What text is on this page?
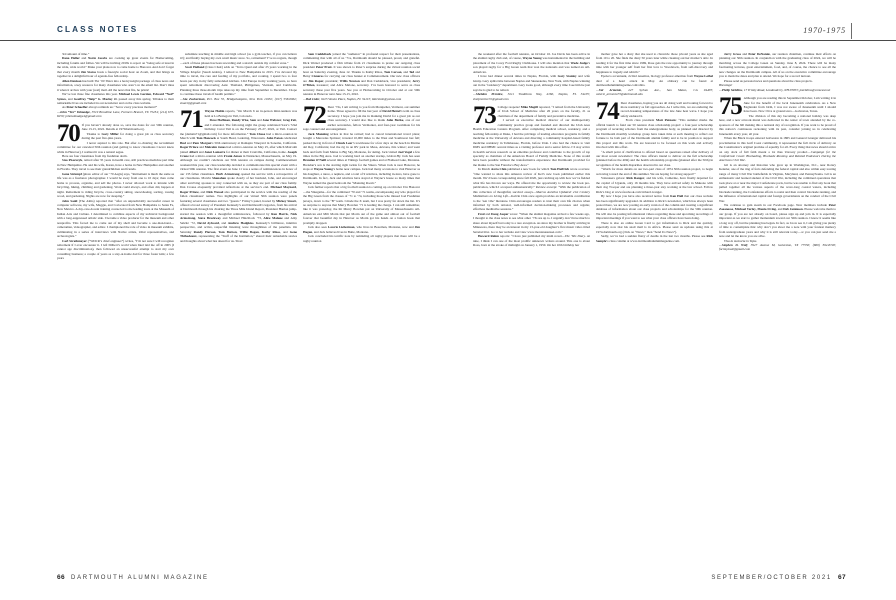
CLASS NOTES	1970-1975

3rd amount of time.”

Dana Heller and Norm Jacobs are cooking up great events for Homecoming, including forums and follies. We will be inviting 2018s to report on “being safe at least in the wide, wide world.” Make your plans now to come home to Hanover. And don’t forget that every month Jim Staros hosts a freestyle social hour on Zoom, and that brings us together in a delightful hour of agenda-free fellowship.

Allen Denison has built The ’69 Times into a heavyweight package of class news and information, a key resource for many classmates who aren’t on the email list. Don’t miss it when it arrives with your (real) mail. All the news that fits, he prints!

We’ve lost three fine classmates this year. Michael Lewis Gordon, Edward “Ned” Symes, and Geoffrey “Skip” G. Maclay Jr. passed away this spring. Tributes to their remarkable lives are included in our newsletter and on the class website.

As Peter Schaeffer always reminds us: “Savor every precious moment!”

—John “Tex” Talmadge, 3519 Brookline Lane, Farmers Branch, TX 75234; (214) 673-8250; johntalmadge4@gmail.com

70 If you haven’t already done so, save the dates for our 50th reunion, June 13-15, 2022. Details at 1970dartmouth.org.

Thanks to Gary Miller for doing a great job as class secretary during the past five-plus years.

I never aspired to this role. But after co-chairing the recruitment committee for our canceled 50th reunion (and getting to know classmates I never knew while in Hanover), I realized it was a natural segue.

Here are four classmates from my freshman dorm.

Stas Pisarczyk, retired after 35 years in health care, still practices medicine part time in New Hampshire. He and his wife, Karen, have a home in New Hampshire and another in Florida. They travel to see their grandchildren and friends.

Gene Strumpf (photo editor of our ’70 Aegis) says, “Retirement is much the same as life was as a freelance photographer. I would be away from one to 10 days; then come home to process, organize, and sell the photos. I never allowed work to intrude with bicycling, hiking, climbing and gardening. Work could always, and often did, happen at night. Retirement is riding bicycle, cross-country skiing, snowshoeing, sorting, tossing wood, and gardening. Nights are now for sleeping.”

John Sadd (The Alma) reported that “after an unpredictably successful career in computer software, my wife, Maggie, and I relocated from New Hampshire to Santa Fe, New Mexico. A day-care-docent training course led to me leading tours at the Museum of Indian Arts and Culture. I determined to combine aspects of my technical background with a long-suppressed artistic side. I became a video producer for the museum and other nonprofits. This forced me to come out of my shell and become a one-man-band—cameraman, videographer, and editor. I championed the role of video in museum exhibits, culminating in a series of interviews with Native artists, tribal representatives, and archeologists.”

Carl Strathmeyer (“WDCR’s chief engineer”) writes, “I’m not sure I will recognize retirement if I ever encounter it. I left Dilbert’s world when Intel laid me off in 2005 (I cannot age discrimination), then followed an unsuccessful attempt to start my own consulting business; a couple of years as a stay-at-home dad for three foster kids; a few years

substitute teaching in middle and high school (as a gym teacher, if you can believe it!); and finally buying my own retail music store. So, retirement? I’ve no regrets, though—each of these phases has been rewarding and a stretch outside my comfort zone.”

Scott Holland (Class Chair) adds on “Terra Quad and after 25 years working in the Village Klopfer (Saudi Arabia), I retired to New Hampshire in 2015. I’ve devoted my time to travel, the care and feeding of my portfolio, and cooking. I spend two to four hours per day in my fully remodeled kitchen. I did Europe in my working years, so have spent retirement discovering Asia: Thailand, Philippines, Vietnam, and Cambodia. Planning three three-month trips takes up my time from September to December. I hope to continue these travels if health permits.”

—Stu Zuckerman, P.O. Box 55, Bridgehampton, New York 11932; (917) 558-0062; stuartzj@gmail.com

71 Wayne Holtin reports, “On March 6 an in-person mini-reunion was held at La Bottega in Vail, Colorado.

Dave Hoffman, Randy Wise, Sam and Jane Webster, Greg Feit, and I attended. The following night the group celebrated Sara’s 72nd birthday. Carol Vail is on the February 25-27, 2022, at Vail. Contact me (demain71@gmail.com) for more information.” Tom Chase had a micro-reunion in March with Tom Hancock at South Head, Ladering, Wisconsin. John Eaton celebrated Bud and Pam Morgan’s 50th anniversary at Ramapin Vineyard in Sonoma, California. Roger Prince and Malcolm Jones had a micro-reunion on May 25, after which Malcolm joined Albert and Janet Lamarre for dinner at their Cranville, California, home. Joseph Crane had a micro-reunion with Frank Anton in Nantucket, Massachusetts, on May 19. Although we couldn’t celebrate our 50th reunion on campus during Commencement weekend this year, our class leadership decided to commemorate this special event with a virtual 50th reunion. The first event on June 11 was a series of reminiscences in honor of our 135 fallen classmates. Herb Armstrong opened the service with a retrospective of our classmates. Marvin Shanahan spoke clearly of her husband, John, and encouraged other surviving spouses to stay connected with us, as they are part of our class family. Dan Crouse eloquently provided reflections at the service’s end. Michael Maynard, Roger Prince, and Dick Wessel also participated in the service with the reading of the fallen classmates’ names. Two highlights of our virtual 50th reunion were panels featuring several classmates and two “guests.” Friday’s panel, hosted by Mickey Stuart, offered a broad survey of President Kennedy’s and Dartmouth’s legacies, from his arrival at Dartmouth through his chairing the Three Mile Island Report, President Hanlon jump-started the session with a thoughtful reminiscence, followed by Ron Harris, Nick Armstrong, Steve Brockway and Michael Hinchlock ’73, Alice Malone and Amy Salzitz ’72, David Aylward, and Andrew Hodgkiss. Kennedy’s brilliance, intuitive perspective, and active, respectful listening were throughlines of the panelists. On Saturday Randy Pierson, Tom Burton, Willie Bogan, Kathy Rizos, and Gene Thibodeaux, representing the “Stuff of the Institution,” shared their remarkable stories and thoughts about what lies ahead for us. Short

Sam Cuddeback joined the “audience” in profound respect for their presentations, commenting that with all of us ’71s, Dartmouth should be pleased, proud, and grateful. Dick Wetzel produced a film tribute from 21 classmates to praise our outgoing class president Peter Pratt. It was shown to Peter’s surprise during the virtual reunion social hour on Saturday evening, June 12. Thanks to Kathy Rizos, Tom Corson, and Ted and Betsy Cisneros for carrying our class banner at Commencement. Our new class officers are Jim Roper, president; Willis Newton and Dan Cuddeback, vice presidents; Jerry O’Brien, treasurer; and Alice Malone, secretary. I’ve been honored to serve as class secretary these past five years. See you at Homecoming in October and at our 50th reunion in Hanover next June 13-15, 2022.

—Bob Lider, 9225 Veneto Place, Naples, FL 34113; lidersbob@yahoo.com

72 Dear ’72s, I am writing to you from Montpelier, Vermont, our summer home. Three agreed to fill the last year of David Hetzel’s term as class secretary. I hope you join me in thanking David for a great job as our class secretary. I would also like to thank John Burke, one of our earlier secretaries, fellow Vermonter, and four-year roommate for his sage counsel and encouragement.

Jack Manning writes in that he retired; had to cancel international travel plans; bought a Mercedes Sprinter; traveled 10,000 miles to the West and Southwest last fall; parked the rig in front of Chuck Leer’s townhouse for a few days on the beach in Marina del Rey, California; had the rig in an RV park in Mesa, Arizona, this winter; and went back and forth from Maine to Big Sky, Montana, for skiing. Jack visited Joel Vogel a few times in the Big Area. Joel is working hard on another startup, Global-Hy. Jack has seen Brendan O’Neill several times at Vikings football games and at Flathead Lake, Montana. Brendan’s son is the starting right tackle for the Vikers. When Jack is near Hanover, he stops at Wayne Young’s home near campus. Jack had many occasions to visit Hanover as his daughter, a niece, a nephew, and a total of 9 relatives, including in-laws, have gone to Dartmouth. In fact, Jack and relatives have stayed at Wayne’s house so many times that Wayne named the guest bedroom the “Manning Room.”

Jack further reports that a big football reunion is coming up on October 9 in Hanover—the Vikegame—for the combined ’70 and ’71 teams, encompassing any who played for the Big Green from the classes of ’71 to ’74, including those who missed Joel Freshman jerseys, down to the “B” team. I made the X team, but I was pretty far down the list. It’s no surprise to anyone that Murry Bowden ’71 is leading the charge. I can still remember, like it was yesterday, the hit Murry Bowden put on University of Massachusetts All-American end Milt Morin that put Morin out of the game and almost out of football forever that beautiful day in Hanover as Morin got his hands on a button hook that promptly dropped.

Jack also sees Lawrie Lieberman, who lives in Bozeman, Montana, now and Jim Hagan, and Jack believes lives in Butte, Montana.

Jack concluded his terrific note by reminding all rugby players that there will be a rugby reunion

the weekend after the football reunion, on October 16. Joe Davis has been active in the alumni rugby club and, of course, Wayne Young was instrumental in the building and placement of the Corey Ford Rugby Clubhouse. I will also mention that Wade Judge’s son played rugby for a Big Green team that won the nationals and was named an All-American.

I have had dinner several times in Naples, Florida, with Gary Stanley and wife Ginny. Gary splits time between Naples and Skaneateles, New York, with Naples winning out in the “residency” department. Gary looks good, although every time I see him he just says he is glad to be retired.

—Sheldon Prentice, 3211 Traditions Way, #160, Naples, FL 34105; shelprentice72@gmail.com

73 College reopens! Mike Magill reported, “I retired from the University of Utah School of Medicine after 26 years on the faculty, 21 as chairman of the department of family and preventive medicine.

I served as executive medical director of our multispecialty community practice group and founded and directed the Utah Area Health Education Centers Program. After completing medical school, residency, and a teaching fellowship at Duke, I had the privilege of leading education programs in family medicine at the University of Arizona and directing a community hospital-based family medicine residency in Tallahassee, Florida, before Utah. I also had the chance to visit DMS and DHMC several times as a visiting professor and a senior fellow. I’d stay active in health services research as an emeritus professor and contribute to the growth of top specialty as chairman of the American Board of Family Medicine. None of this would have been possible without the transformative experience that Dartmouth provided for me thanks to the San Francisco Bay Area.”

In March Astra Chin published a new book for which Tom Hoffrich wrote a review. “One wanted to share this Amazon review of Kel’s new book published earlier this month. We’d been corresponding since fall 2020, just catching up with how we’ve fielded what life has thrown our ways. He offered me the opportunity to review the book pre-publication, which I accepted enthusiastically.” Review excerpt: “With the publication of this collection of thoughtful, succinct essays—Marcus Aurelius Updated: 21st Century Meditations on Living Life—Kelvin Chin once again provides an invaluable contribution to the ‘zen vibe’ literature. Chin encourages readers to trust their own life choices when informed by both rational, well-informed decision-making processes and regular, effortless meditative sessions.”

Fred and Doug Jasper wrote: “When the alumni magazine arrived a few weeks ago, I thought to the class notes to see what other ’73s are up to. I urgently don’t have much to share about myself but today is a rare exception. As since my brother is finally arriving in Minnesota, there may be an interest in my 13-year-old daughter’s first music video titled Summertime. Go to her website and view www.montanasunset.com.”

Howard Rahm reports: “I have just published my ninth novel—The ’60s Diary. At nine, I think I can one of the most prolific unknown writers around. This one is about Rosa, born at the stroke of midnight on January 1, 1950. On her 10th birthday her

mother gave her a diary that she used to chronicle those pivotal years as she aged from 10 to 20. She finds the diary 50 years later while cleaning out her mother’s attic. In reading it for the first time since 1969, Rose gets the rare opportunity to journey through time with her younger self from her first love to Woodstock, from self-discovery and happiness to tragedy and rebirth.”

Epoleco accentuant, cicldol Awemax, biology professor emeritus from Wayne Leibel died of a heart attack in May. An obituary can be found at dartmouthalumnimagazine.com/obits.

—Val Armento, 227 Sylvan Ave., San Mateo, CA 94403; valerie_armento73@dartmouth.edu

74 Dear classmates, hoping you are all doing well and looking forward to more normalcy as fall approaches. As I write this, we are enduring the record-breaking temperatures of the late June heat wave. I hope you safely endured it.

From class president Matt Putnam: “This summer marks the official launch to fund our 50 reunion class scholarship project: a four-year scholarship program of recurring scholars from the undergraduate body, as planned and directed by the Dartmouth monthly workshop group have taken time at each meeting to reflect our fortune to be both part of the Dartmouth alumni family and to be in position to support this project and this work. We are honored to be focused on this work and actively involved with this effort.

“A small point of clarification is offered based on questions raised after delivery of our most recent newsletter: The class officers intend to deliver on the full scholarship (planned before the 40th) and the health scholarship programs (planned after the 50th) in recognition of the health disparities observed in our class.

“Watch for more details on our two-part class of 1974 50th reunion project, to begin as having toward the end of this summer. We are hoping for strong support!”

Volunteers galore: Rick Ranger, and his wife, Catherine, have finally departed for the capital of Uganda, only 16 months late. They have arrived safely in Mukono with their dog Trooper and are planning a three-year stay working at the law school. Follow Rick’s blog at www.facebook.com/richard.l.ranger.

By now I hope you have also received notice from Ken Hall that our class website has been significantly upgraded. In addition to Rick’s newsletter, which has always been posted there, we are now posting an early version of the column and creating a significant database of information about our class projects and scholarships for the 50th reunion. We will also be posting informational videos regarding these and upcoming recordings of important meetings if you want to see what your class officers have been doing.

There is also an online Green Card to get information to Rick and me quickly, especially now that his snail mail is in Africa. Please send us updates using this at 1974.dartmouth.org (click on “News,” then “Send Us News”).

Sadly, we’ve had a sudden flurry of deaths in the last two months. Please see Rick Sample’s class column at www.dartmouthalumnimagazine.com.

Jerry Gross and Peter DeNatale, our reunion chairmen, continue their efforts on planning our 50th reunion. In conjunction with the graduating class of 2024, we will be marching across the College Green on Sunday, June 8, 2024. There will be many fascinating lectures, great entertainment, food, and, of course, the chance to see all the new changes on the Dartmouth campus. All of us on the executive committee encourage you to mark the dates and plan to attend. We hope for a record turnout.

Please send us personal news and questions about the class projects.

Blessings!

—Philip Stebbins, 17 Trinity Road, Londonderry, NH 03053; pstebbins@comcast.net

75 Although you are reading this in September/October, I am writing it in June for the benefit of the local Juneteenth celebration. As a New Englander from birth, I was not aware of Juneteenth until I should have been. Now I live at ground zero—Galveston, Texas.

The division of this day becoming a national holiday was deep here, and a new artwork mural was dedicated in the center of town attended by the co-sponsors of the bill making this a national day of recognition. If you want to be proud of this nation’s continuous reckoning with its past, consider joining us in celebrating Juneteenth every year, all year.

When the Black troops entered Galveston in 1865 and General Granger delivered his proclamation in this Gulf Coast community, it represented the full circle of delivery on the Constitution’s original promise of equality for all. Every thing that news should arrive on any dock of full faith meant a lot thus Unroary product—Campaign for the Confederate Coast: Blockading, Blockade Running and Related Endeavors During the American Civil War.

Gil is an attorney and historian who grew up in Washington, D.C., near Rotary Kennler, one of the ring of forts defending the federal capital and also within easy touring range of many Civil War battlefields in Virginia, Maryland, and Pennsylvania. Gil is an enthusiastic and learned student of the Civil War, including the combined operations that took place at or near the major Confederate ports, but he was unable to find any book that pulled together all the various aspects of the wave-long coastal waters, including blockade running, the Confederate efforts to resist and then control blockade running, and the influence of international capital and foreign governments on the conduct of the Civil War.

We continue to gain steam in our Facebook page. New members include Peter Zaeanesse, Michael Varley, Monia Irving, and Deb Jamieson. Please welcome them to our group. If you are not already on board, please sign up and join in. It is especially important as we start to gather momentum toward our 50th reunion. I know it seems like a long way off, but the planning has begun. In fact, as I now see it, I am giving you plenty of time to contemplate this: why don’t you shoot me a note with your fondest memory from undergraduate years and why it is still relevant today—or you can just send me a note and let me know you are alive.

Viva la memoria in Tejas.

—Stephen D. Wolf, 3927 Avenue M, Galveston, TX 77550; (860) 302-8728; fncimymail@gmail.com

66 DARTMOUTH ALUMNI MAGAZINE	SEPTEMBER/OCTOBER 2021 67
